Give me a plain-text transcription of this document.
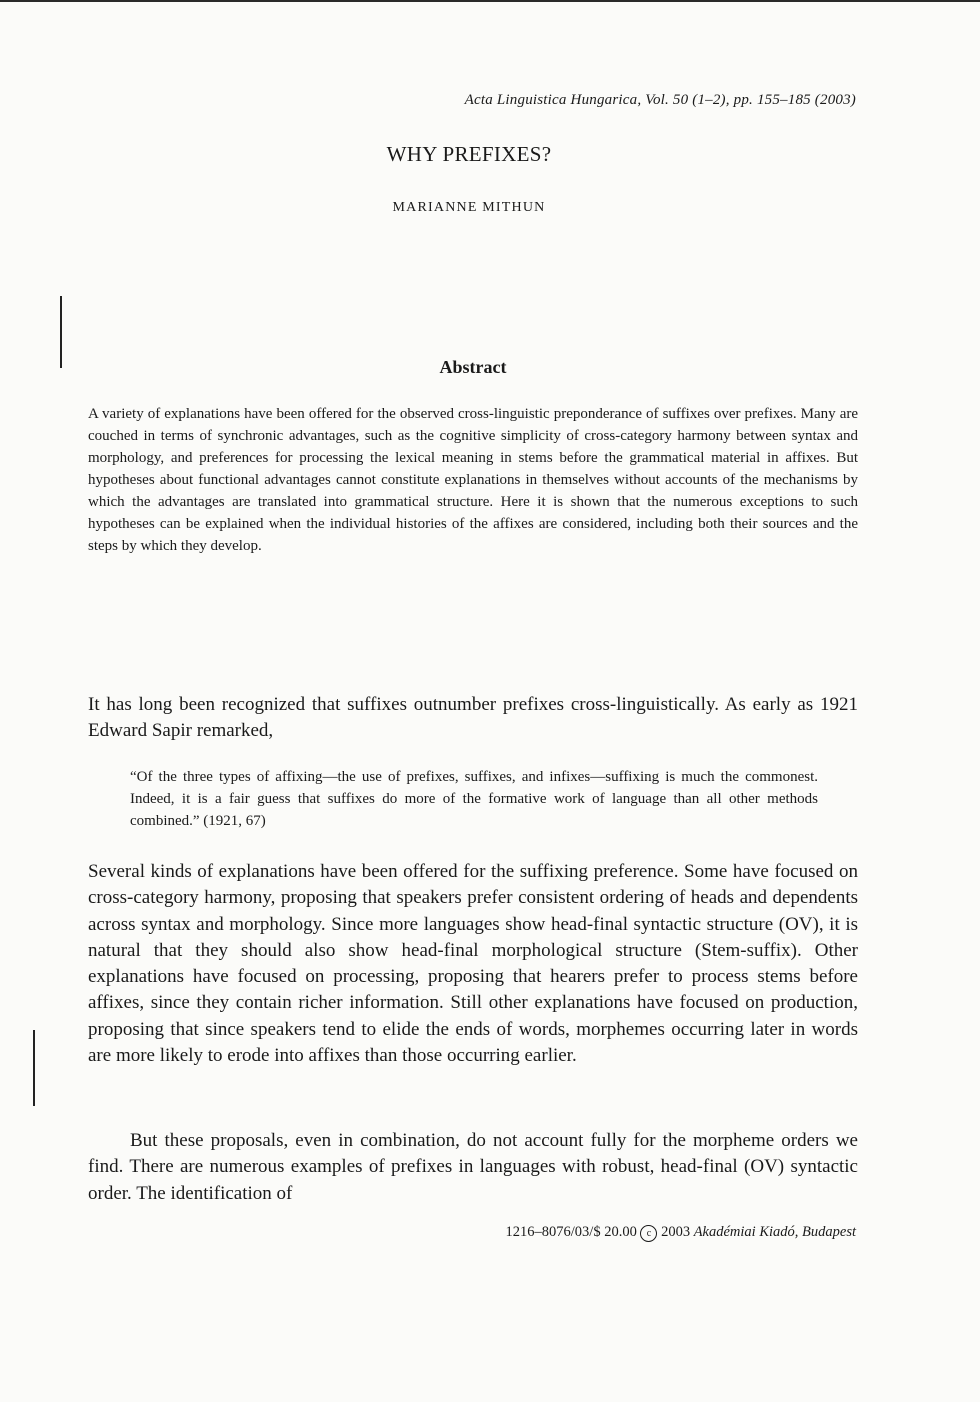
Acta Linguistica Hungarica, Vol. 50 (1–2), pp. 155–185 (2003)
WHY PREFIXES?
MARIANNE MITHUN
Abstract
A variety of explanations have been offered for the observed cross-linguistic preponderance of suffixes over prefixes. Many are couched in terms of synchronic advantages, such as the cognitive simplicity of cross-category harmony between syntax and morphology, and preferences for processing the lexical meaning in stems before the grammatical material in affixes. But hypotheses about functional advantages cannot constitute explanations in themselves without accounts of the mechanisms by which the advantages are translated into grammatical structure. Here it is shown that the numerous exceptions to such hypotheses can be explained when the individual histories of the affixes are considered, including both their sources and the steps by which they develop.
It has long been recognized that suffixes outnumber prefixes cross-linguistically. As early as 1921 Edward Sapir remarked,
“Of the three types of affixing—the use of prefixes, suffixes, and infixes—suffixing is much the commonest. Indeed, it is a fair guess that suffixes do more of the formative work of language than all other methods combined.” (1921, 67)
Several kinds of explanations have been offered for the suffixing preference. Some have focused on cross-category harmony, proposing that speakers prefer consistent ordering of heads and dependents across syntax and morphology. Since more languages show head-final syntactic structure (OV), it is natural that they should also show head-final morphological structure (Stem-suffix). Other explanations have focused on processing, proposing that hearers prefer to process stems before affixes, since they contain richer information. Still other explanations have focused on production, proposing that since speakers tend to elide the ends of words, morphemes occurring later in words are more likely to erode into affixes than those occurring earlier.
But these proposals, even in combination, do not account fully for the morpheme orders we find. There are numerous examples of prefixes in languages with robust, head-final (OV) syntactic order. The identification of
1216–8076/03/$ 20.00 c 2003 Akadémiai Kiadó, Budapest
